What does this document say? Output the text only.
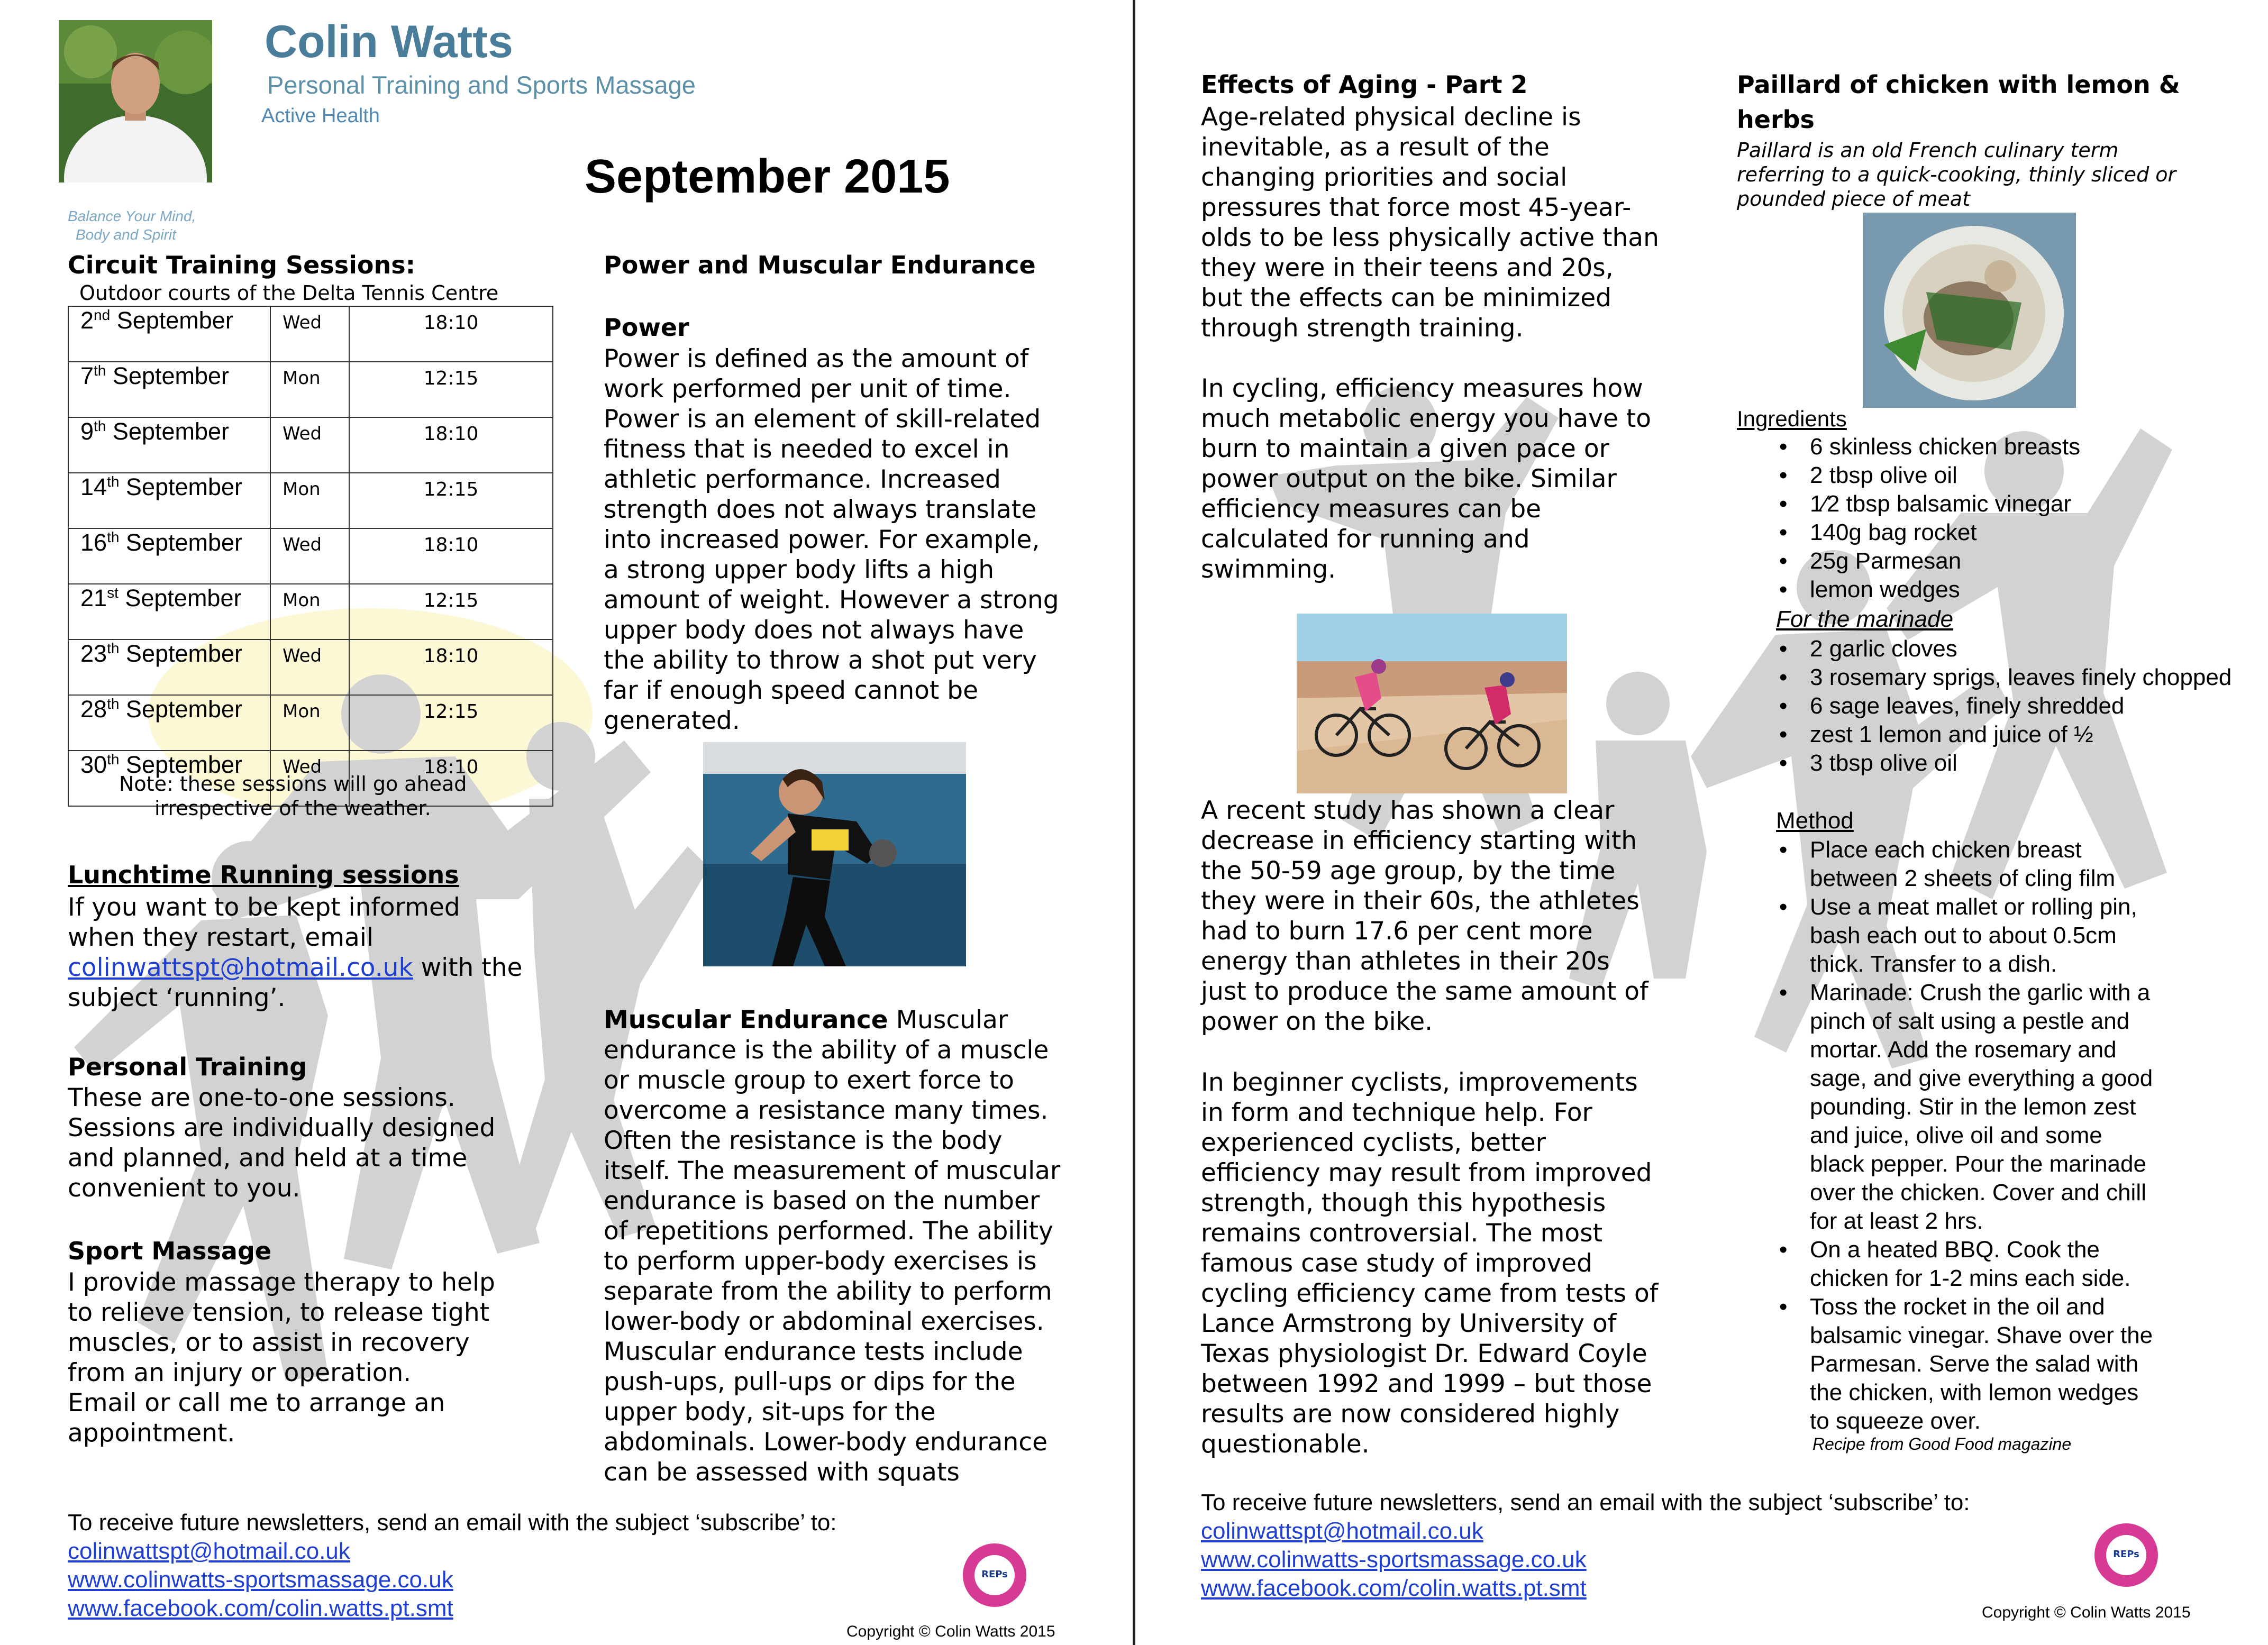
Colin Watts
Personal Training and Sports Massage
Active Health
Balance Your Mind,
Body and Spirit
September 2015
Circuit Training Sessions:
Outdoor courts of the Delta Tennis Centre
2nd September	Wed	18:10
7th September	Mon	12:15
9th September	Wed	18:10
14th September	Mon	12:15
16th September	Wed	18:10
21st September	Mon	12:15
23th September	Wed	18:10
28th September	Mon	12:15
30th September	Wed	18:10
Note: these sessions will go ahead
irrespective of the weather.
Lunchtime Running sessions
If you want to be kept informed
when they restart, email
colinwattspt@hotmail.co.uk with the
subject ‘running’.
Personal Training
These are one-to-one sessions.
Sessions are individually designed
and planned, and held at a time
convenient to you.
Sport Massage
I provide massage therapy to help
to relieve tension, to release tight
muscles, or to assist in recovery
from an injury or operation.
Email or call me to arrange an
appointment.
Power and Muscular Endurance
Power
Power is defined as the amount of
work performed per unit of time.
Power is an element of skill-related
fitness that is needed to excel in
athletic performance. Increased
strength does not always translate
into increased power. For example,
a strong upper body lifts a high
amount of weight. However a strong
upper body does not always have
the ability to throw a shot put very
far if enough speed cannot be
generated.
Muscular Endurance Muscular
endurance is the ability of a muscle
or muscle group to exert force to
overcome a resistance many times.
Often the resistance is the body
itself. The measurement of muscular
endurance is based on the number
of repetitions performed. The ability
to perform upper-body exercises is
separate from the ability to perform
lower-body or abdominal exercises.
Muscular endurance tests include
push-ups, pull-ups or dips for the
upper body, sit-ups for the
abdominals. Lower-body endurance
can be assessed with squats
To receive future newsletters, send an email with the subject ‘subscribe’ to:
colinwattspt@hotmail.co.uk
www.colinwatts-sportsmassage.co.uk
www.facebook.com/colin.watts.pt.smt
REPs
Copyright © Colin Watts 2015
Effects of Aging - Part 2
Age-related physical decline is
inevitable, as a result of the
changing priorities and social
pressures that force most 45-year-
olds to be less physically active than
they were in their teens and 20s,
but the effects can be minimized
through strength training.
In cycling, efficiency measures how
much metabolic energy you have to
burn to maintain a given pace or
power output on the bike. Similar
efficiency measures can be
calculated for running and
swimming.
A recent study has shown a clear
decrease in efficiency starting with
the 50-59 age group, by the time
they were in their 60s, the athletes
had to burn 17.6 per cent more
energy than athletes in their 20s
just to produce the same amount of
power on the bike.
In beginner cyclists, improvements
in form and technique help. For
experienced cyclists, better
efficiency may result from improved
strength, though this hypothesis
remains controversial. The most
famous case study of improved
cycling efficiency came from tests of
Lance Armstrong by University of
Texas physiologist Dr. Edward Coyle
between 1992 and 1999 – but those
results are now considered highly
questionable.
Paillard of chicken with lemon &
herbs
Paillard is an old French culinary term
referring to a quick-cooking, thinly sliced or
pounded piece of meat
Ingredients
• 6 skinless chicken breasts
• 2 tbsp olive oil
• 1⁄2 tbsp balsamic vinegar
• 140g bag rocket
• 25g Parmesan
• lemon wedges
For the marinade
• 2 garlic cloves
• 3 rosemary sprigs, leaves finely chopped
• 6 sage leaves, finely shredded
• zest 1 lemon and juice of ½
• 3 tbsp olive oil
Method
• Place each chicken breast between 2 sheets of cling film
• Use a meat mallet or rolling pin, bash each out to about 0.5cm thick. Transfer to a dish.
• Marinade: Crush the garlic with a pinch of salt using a pestle and mortar. Add the rosemary and sage, and give everything a good pounding. Stir in the lemon zest and juice, olive oil and some black pepper. Pour the marinade over the chicken. Cover and chill for at least 2 hrs.
• On a heated BBQ. Cook the chicken for 1-2 mins each side.
• Toss the rocket in the oil and balsamic vinegar. Shave over the Parmesan. Serve the salad with the chicken, with lemon wedges to squeeze over.
Recipe from Good Food magazine
To receive future newsletters, send an email with the subject ‘subscribe’ to:
colinwattspt@hotmail.co.uk
www.colinwatts-sportsmassage.co.uk
www.facebook.com/colin.watts.pt.smt
REPs
Copyright © Colin Watts 2015
